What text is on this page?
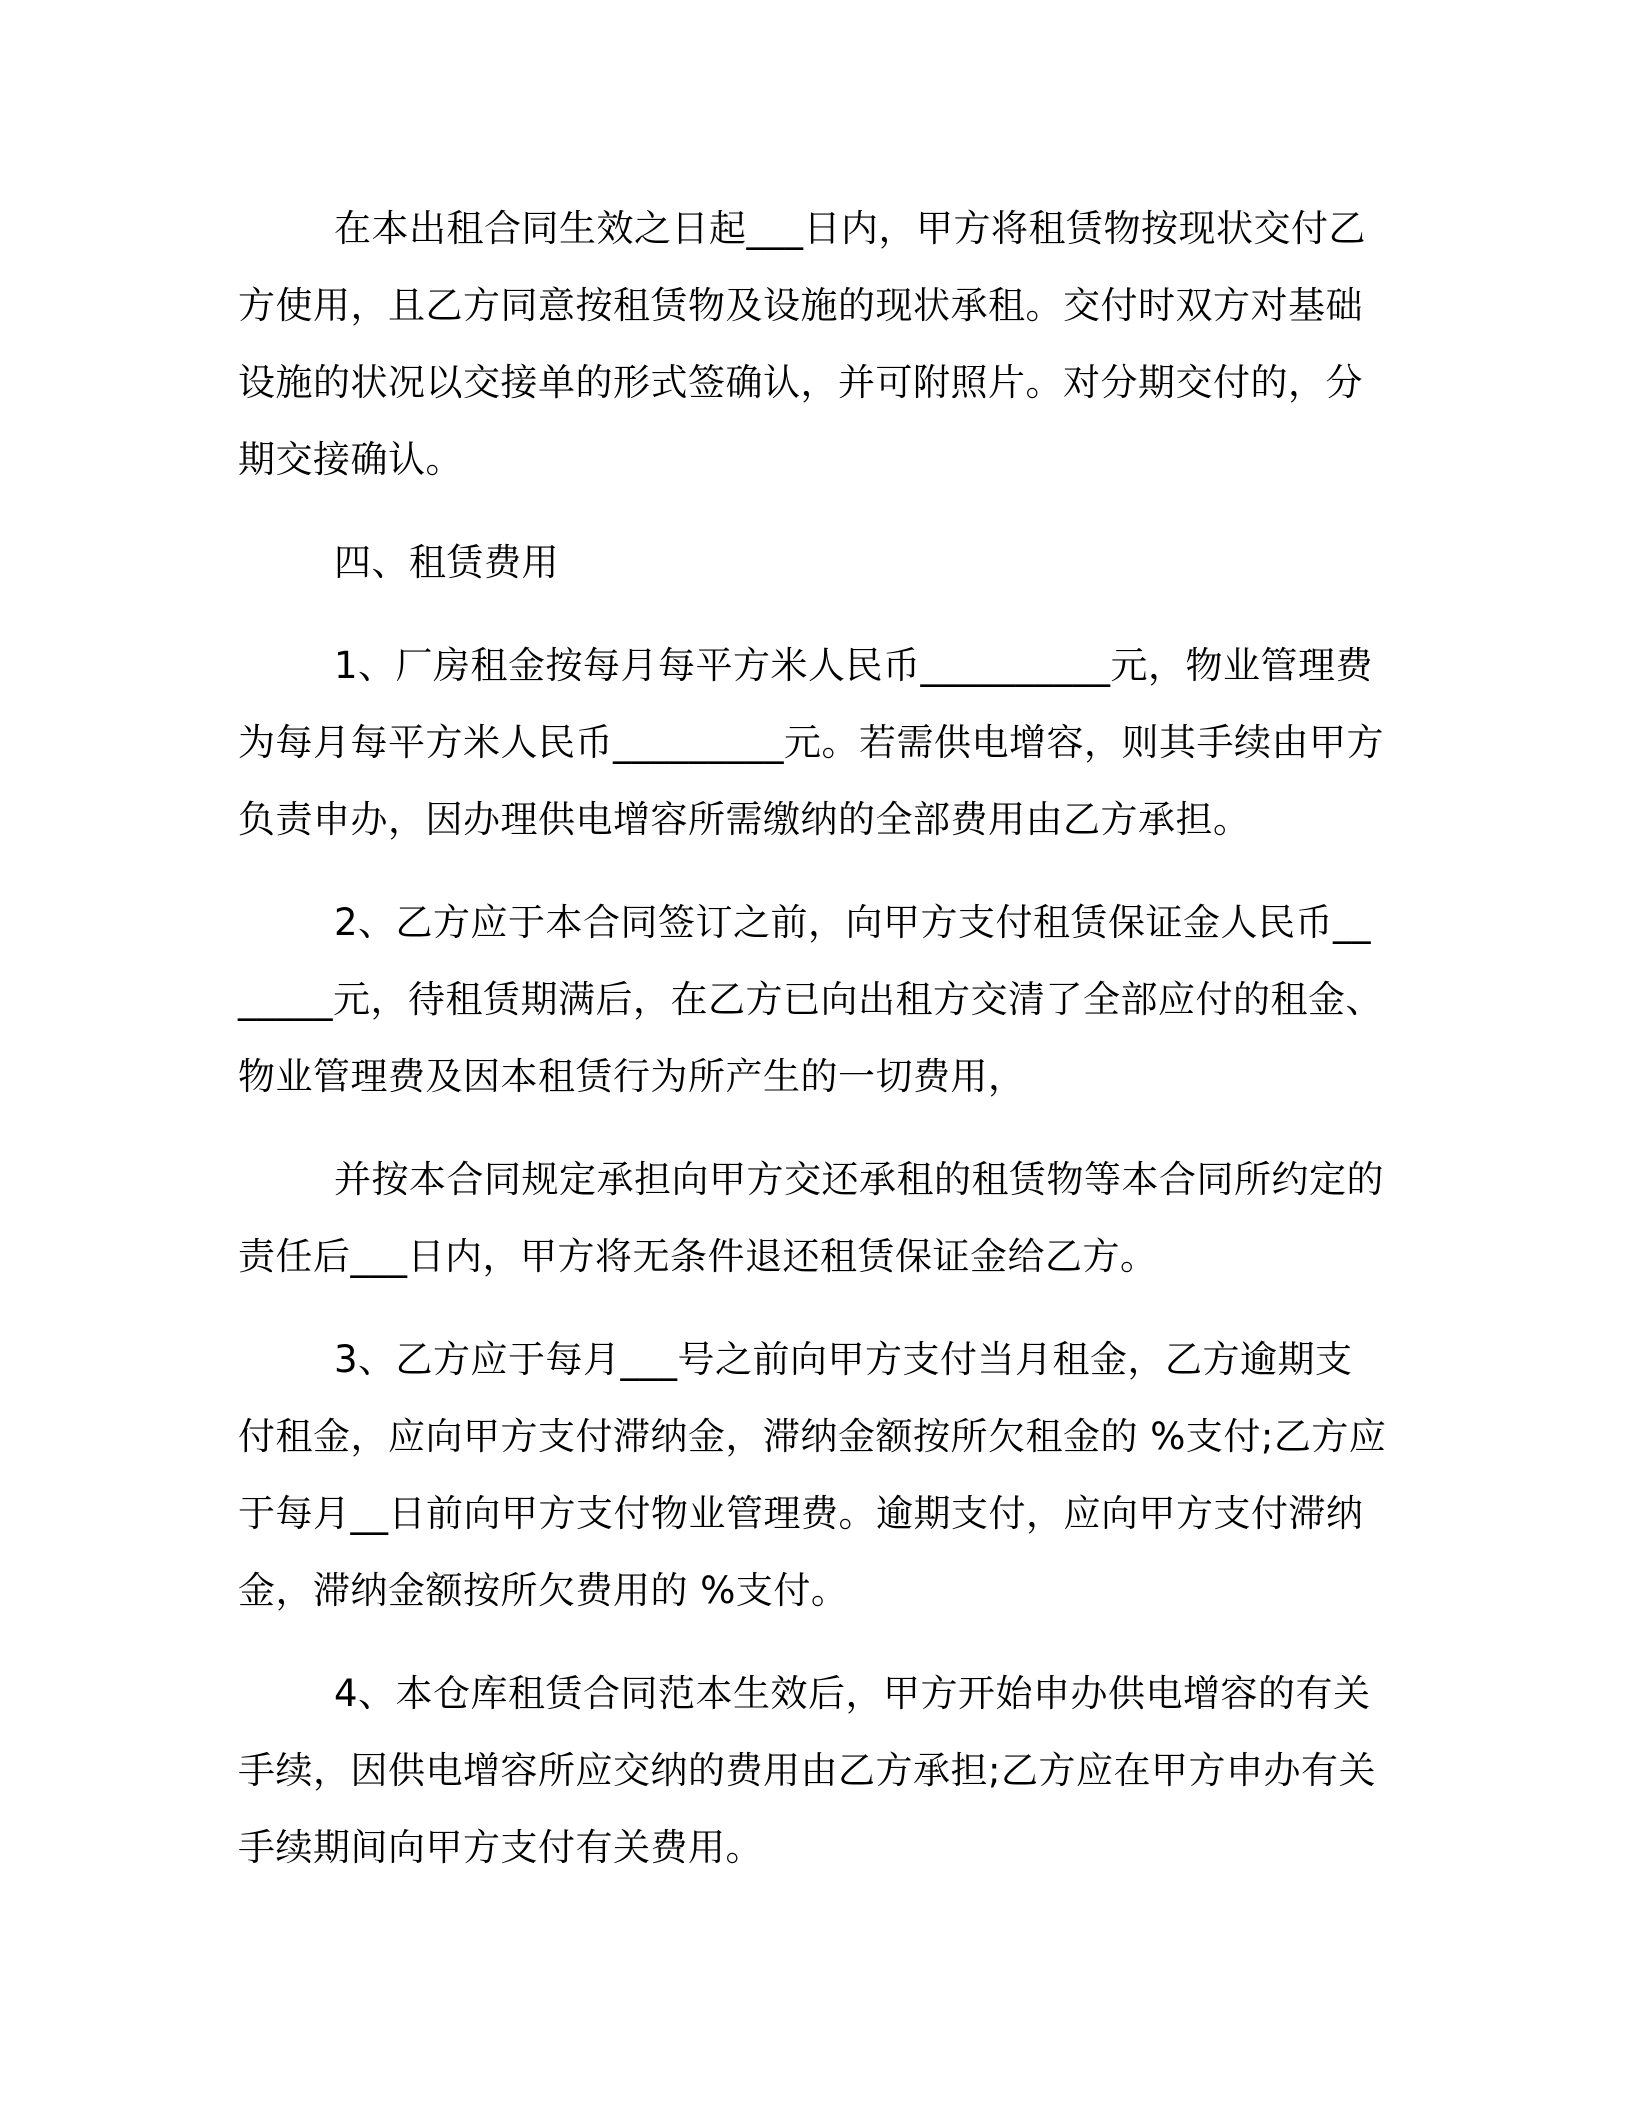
在本出租合同生效之日起___日内，甲方将租赁物按现状交付乙方使用，且乙方同意按租赁物及设施的现状承租。交付时双方对基础设施的状况以交接单的形式签确认，并可附照片。对分期交付的，分期交接确认。

四、租赁费用

1、厂房租金按每月每平方米人民币__________元，物业管理费为每月每平方米人民币_________元。若需供电增容，则其手续由甲方负责申办，因办理供电增容所需缴纳的全部费用由乙方承担。

2、乙方应于本合同签订之前，向甲方支付租赁保证金人民币_______元，待租赁期满后，在乙方已向出租方交清了全部应付的租金、物业管理费及因本租赁行为所产生的一切费用，

并按本合同规定承担向甲方交还承租的租赁物等本合同所约定的责任后___日内，甲方将无条件退还租赁保证金给乙方。

3、乙方应于每月___号之前向甲方支付当月租金，乙方逾期支付租金，应向甲方支付滞纳金，滞纳金额按所欠租金的 %支付;乙方应于每月__日前向甲方支付物业管理费。逾期支付，应向甲方支付滞纳金，滞纳金额按所欠费用的 %支付。

4、本仓库租赁合同范本生效后，甲方开始申办供电增容的有关手续，因供电增容所应交纳的费用由乙方承担;乙方应在甲方申办有关手续期间向甲方支付有关费用。
